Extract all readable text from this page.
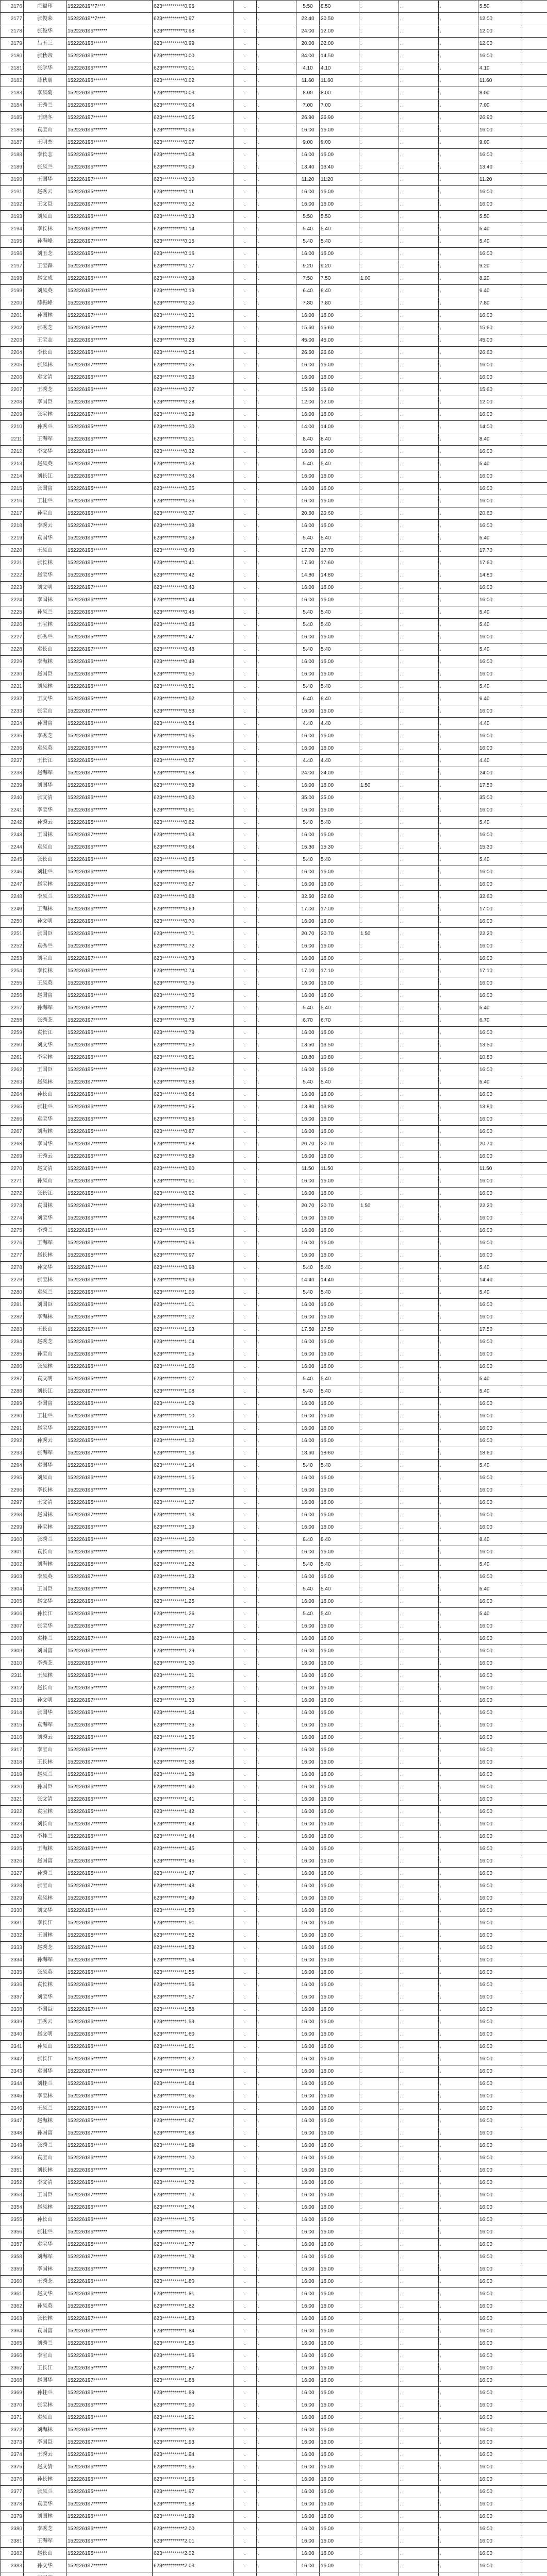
2176	庄福印	15222619**7****	623***********0.96	.	.	5.50	8.50	.	.	.	5.50		
2177	张俊荣	15222619**7****	623***********0.97	.	.	22.40	20.50	.	.	.	12.00		
2178	张俊华	152226196*******	623***********0.98	.	.	24.00	12.00	.	.	.	12.00		
2179	吕玉三	152226196*******	623***********0.99	.	.	20.00	22.00	.	.	.	12.00		
2180	张秋帝	152226196*******	623***********0.00	.	.	34.00	14.50	.	.	.	16.00		
2181	张学华	152226196*******	623***********0.01	.	.	4.10	4.10	.	.	.	4.10		
2182	薛秋朋	152226196*******	623***********0.02	.	.	11.60	11.60	.	.	.	11.60		
2183	李凤菊	152226196*******	623***********0.03	.	.	8.00	8.00	.	.	.	8.00		
2184	王秀兰	152226196*******	623***********0.04	.	.	7.00	7.00	.	.	.	7.00		
2185	王晓冬	152226197*******	623***********0.05	.	.	26.90	26.90	.	.	.	26.90		
2186	袁宝山	152226196*******	623***********0.06	.	.	16.00	16.00	.	.	.	16.00		
2187	王明杰	152226196*******	623***********0.07	.	.	9.00	9.00	.	.	.	9.00		
2188	李长志	152226195*******	623***********0.08	.	.	16.00	16.00	.	.	.	16.00		
2189	张凤兰	152226196*******	623***********0.09	.	.	13.40	13.40	.	.	.	13.40		
2190	王国华	152226197*******	623***********0.10	.	.	11.20	11.20	.	.	.	11.20		
2191	赵秀云	152226195*******	623***********0.11	.	.	16.00	16.00	.	.	.	16.00		
2192	王文臣	152226197*******	623***********0.12	.	.	16.00	16.00	.	.	.	16.00		
2193	刘凤山	152226196*******	623***********0.13	.	.	5.50	5.50	.	.	.	5.50		
2194	李长林	152226196*******	623***********0.14	.	.	5.40	5.40	.	.	.	5.40		
2195	孙海峰	152226197*******	623***********0.15	.	.	5.40	5.40	.	.	.	5.40		
2196	刘玉芝	152226195*******	623***********0.16	.	.	16.00	16.00	.	.	.	16.00		
2197	王宝森	152226196*******	623***********0.17	.	.	9.20	9.20	.	.	.	9.20		
2198	赵文成	152226196*******	623***********0.18	.	.	7.50	7.50	1.00	.	.	8.20		
2199	刘凤英	152226196*******	623***********0.19	.	.	6.40	6.40	.	.	.	6.40		
2200	薛振峰	152226196*******	623***********0.20	.	.	7.80	7.80	.	.	.	7.80		
2201	孙国林	152226197*******	623***********0.21	.	.	16.00	16.00	.	.	.	16.00		
2202	张秀芝	152226195*******	623***********0.22	.	.	15.60	15.60	.	.	.	15.60		
2203	王宝志	152226196*******	623***********0.23	.	.	45.00	45.00	.	.	.	45.00		
2204	李长山	152226196*******	623***********0.24	.	.	26.60	26.60	.	.	.	26.60		
2205	张凤林	152226197*******	623***********0.25	.	.	16.00	16.00	.	.	.	16.00		
2206	袁文清	152226196*******	623***********0.26	.	.	16.00	16.00	.	.	.	16.00		
2207	王秀芝	152226196*******	623***********0.27	.	.	15.60	15.60	.	.	.	15.60		
2208	李国臣	152226196*******	623***********0.28	.	.	12.00	12.00	.	.	.	12.00		
2209	张宝林	152226197*******	623***********0.29	.	.	16.00	16.00	.	.	.	16.00		
2210	孙秀兰	152226195*******	623***********0.30	.	.	14.00	14.00	.	.	.	14.00		
2211	王海军	152226196*******	623***********0.31	.	.	8.40	8.40	.	.	.	8.40		
2212	李文华	152226196*******	623***********0.32	.	.	16.00	16.00	.	.	.	16.00		
2213	赵凤英	152226197*******	623***********0.33	.	.	5.40	5.40	.	.	.	5.40		
2214	刘长江	152226196*******	623***********0.34	.	.	16.00	16.00	.	.	.	16.00		
2215	张国富	152226195*******	623***********0.35	.	.	16.00	16.00	.	.	.	16.00		
2216	王桂兰	152226196*******	623***********0.36	.	.	16.00	16.00	.	.	.	16.00		
2217	孙宝山	152226196*******	623***********0.37	.	.	20.60	20.60	.	.	.	20.60		
2218	李秀云	152226197*******	623***********0.38	.	.	16.00	16.00	.	.	.	16.00		
2219	袁国华	152226196*******	623***********0.39	.	.	5.40	5.40	.	.	.	5.40		
2220	王凤山	152226196*******	623***********0.40	.	.	17.70	17.70	.	.	.	17.70		
2221	张长林	152226196*******	623***********0.41	.	.	17.60	17.60	.	.	.	17.60		
2222	赵宝华	152226195*******	623***********0.42	.	.	14.80	14.80	.	.	.	14.80		
2223	刘文明	152226197*******	623***********0.43	.	.	16.00	16.00	.	.	.	16.00		
2224	李国林	152226196*******	623***********0.44	.	.	16.00	16.00	.	.	.	16.00		
2225	孙凤兰	152226196*******	623***********0.45	.	.	5.40	5.40	.	.	.	5.40		
2226	王宝林	152226196*******	623***********0.46	.	.	5.40	5.40	.	.	.	5.40		
2227	张秀兰	152226195*******	623***********0.47	.	.	16.00	16.00	.	.	.	16.00		
2228	袁长山	152226197*******	623***********0.48	.	.	5.40	5.40	.	.	.	5.40		
2229	李海林	152226196*******	623***********0.49	.	.	16.00	16.00	.	.	.	16.00		
2230	赵国臣	152226196*******	623***********0.50	.	.	16.00	16.00	.	.	.	16.00		
2231	刘凤林	152226196*******	623***********0.51	.	.	5.40	5.40	.	.	.	5.40		
2232	王文华	152226195*******	623***********0.52	.	.	6.40	6.40	.	.	.	6.40		
2233	张宝山	152226197*******	623***********0.53	.	.	16.00	16.00	.	.	.	16.00		
2234	孙国富	152226196*******	623***********0.54	.	.	4.40	4.40	.	.	.	4.40		
2235	李秀芝	152226196*******	623***********0.55	.	.	16.00	16.00	.	.	.	16.00		
2236	袁凤英	152226196*******	623***********0.56	.	.	16.00	16.00	.	.	.	16.00		
2237	王长江	152226195*******	623***********0.57	.	.	4.40	4.40	.	.	.	4.40		
2238	赵海军	152226197*******	623***********0.58	.	.	24.00	24.00	.	.	.	24.00		
2239	刘国华	152226196*******	623***********0.59	.	.	16.00	16.00	1.50	.	.	17.50		
2240	张文清	152226196*******	623***********0.60	.	.	35.00	35.00	.	.	.	35.00		
2241	李宝华	152226196*******	623***********0.61	.	.	16.00	16.00	.	.	.	16.00		
2242	孙秀云	152226195*******	623***********0.62	.	.	5.40	5.40	.	.	.	5.40		
2243	王国林	152226197*******	623***********0.63	.	.	16.00	16.00	.	.	.	16.00		
2244	袁凤山	152226196*******	623***********0.64	.	.	15.30	15.30	.	.	.	15.30		
2245	张长山	152226196*******	623***********0.65	.	.	5.40	5.40	.	.	.	5.40		
2246	刘桂兰	152226196*******	623***********0.66	.	.	16.00	16.00	.	.	.	16.00		
2247	赵宝林	152226195*******	623***********0.67	.	.	16.00	16.00	.	.	.	16.00		
2248	李凤兰	152226197*******	623***********0.68	.	.	32.60	32.60	.	.	.	32.60		
2249	王海林	152226196*******	623***********0.69	.	.	17.00	17.00	.	.	.	17.00		
2250	孙文明	152226196*******	623***********0.70	.	.	16.00	16.00	.	.	.	16.00		
2251	张国臣	152226196*******	623***********0.71	.	.	20.70	20.70	1.50	.	.	22.20		
2252	袁秀兰	152226195*******	623***********0.72	.	.	16.00	16.00	.	.	.	16.00		
2253	刘宝山	152226197*******	623***********0.73	.	.	16.00	16.00	.	.	.	16.00		
2254	李长林	152226196*******	623***********0.74	.	.	17.10	17.10	.	.	.	17.10		
2255	王凤英	152226196*******	623***********0.75	.	.	16.00	16.00	.	.	.	16.00		
2256	赵国富	152226196*******	623***********0.76	.	.	16.00	16.00	.	.	.	16.00		
2257	孙海军	152226195*******	623***********0.77	.	.	5.40	5.40	.	.	.	5.40		
2258	张秀芝	152226197*******	623***********0.78	.	.	6.70	6.70	.	.	.	6.70		
2259	袁长江	152226196*******	623***********0.79	.	.	16.00	16.00	.	.	.	16.00		
2260	刘文华	152226196*******	623***********0.80	.	.	13.50	13.50	.	.	.	13.50		
2261	李宝林	152226196*******	623***********0.81	.	.	10.80	10.80	.	.	.	10.80		
2262	王国臣	152226195*******	623***********0.82	.	.	16.00	16.00	.	.	.	16.00		
2263	赵凤林	152226197*******	623***********0.83	.	.	5.40	5.40	.	.	.	5.40		
2264	孙长山	152226196*******	623***********0.84	.	.	16.00	16.00	.	.	.	16.00		
2265	张桂兰	152226196*******	623***********0.85	.	.	13.80	13.80	.	.	.	13.80		
2266	袁宝华	152226196*******	623***********0.86	.	.	16.00	16.00	.	.	.	16.00		
2267	刘海林	152226195*******	623***********0.87	.	.	16.00	16.00	.	.	.	16.00		
2268	李国华	152226197*******	623***********0.88	.	.	20.70	20.70	.	.	.	20.70		
2269	王秀云	152226196*******	623***********0.89	.	.	16.00	16.00	.	.	.	16.00		
2270	赵文清	152226196*******	623***********0.90	.	.	11.50	11.50	.	.	.	11.50		
2271	孙凤山	152226196*******	623***********0.91	.	.	16.00	16.00	.	.	.	16.00		
2272	张长江	152226195*******	623***********0.92	.	.	16.00	16.00	.	.	.	16.00		
2273	袁国林	152226197*******	623***********0.93	.	.	20.70	20.70	1.50	.	.	22.20		
2274	刘宝华	152226196*******	623***********0.94	.	.	16.00	16.00	.	.	.	16.00		
2275	李秀兰	152226196*******	623***********0.95	.	.	16.00	16.00	.	.	.	16.00		
2276	王海军	152226196*******	623***********0.96	.	.	16.00	16.00	.	.	.	16.00		
2277	赵长林	152226195*******	623***********0.97	.	.	16.00	16.00	.	.	.	16.00		
2278	孙文华	152226197*******	623***********0.98	.	.	5.40	5.40	.	.	.	5.40		
2279	张宝林	152226196*******	623***********0.99	.	.	14.40	14.40	.	.	.	14.40		
2280	袁凤兰	152226196*******	623***********1.00	.	.	5.40	5.40	.	.	.	5.40		
2281	刘国臣	152226196*******	623***********1.01	.	.	16.00	16.00	.	.	.	16.00		
2282	李海林	152226195*******	623***********1.02	.	.	16.00	16.00	.	.	.	16.00		
2283	王长山	152226197*******	623***********1.03	.	.	17.50	17.50	.	.	.	17.50		
2284	赵秀芝	152226196*******	623***********1.04	.	.	16.00	16.00	.	.	.	16.00		
2285	孙宝山	152226196*******	623***********1.05	.	.	16.00	16.00	.	.	.	16.00		
2286	张凤林	152226196*******	623***********1.06	.	.	16.00	16.00	.	.	.	16.00		
2287	袁文明	152226195*******	623***********1.07	.	.	5.40	5.40	.	.	.	5.40		
2288	刘长江	152226197*******	623***********1.08	.	.	5.40	5.40	.	.	.	5.40		
2289	李国富	152226196*******	623***********1.09	.	.	16.00	16.00	.	.	.	16.00		
2290	王桂兰	152226196*******	623***********1.10	.	.	16.00	16.00	.	.	.	16.00		
2291	赵宝华	152226196*******	623***********1.11	.	.	16.00	16.00	.	.	.	16.00		
2292	孙秀云	152226195*******	623***********1.12	.	.	16.00	16.00	.	.	.	16.00		
2293	张海军	152226197*******	623***********1.13	.	.	18.60	18.60	.	.	.	18.60		
2294	袁国华	152226196*******	623***********1.14	.	.	5.40	5.40	.	.	.	5.40		
2295	刘凤山	152226196*******	623***********1.15	.	.	16.00	16.00	.	.	.	16.00		
2296	李长林	152226196*******	623***********1.16	.	.	16.00	16.00	.	.	.	16.00		
2297	王文清	152226195*******	623***********1.17	.	.	16.00	16.00	.	.	.	16.00		
2298	赵国林	152226197*******	623***********1.18	.	.	16.00	16.00	.	.	.	16.00		
2299	孙宝林	152226196*******	623***********1.19	.	.	16.00	16.00	.	.	.	16.00		
2300	张秀兰	152226196*******	623***********1.20	.	.	8.40	8.40	.	.	.	8.40		
2301	袁长山	152226196*******	623***********1.21	.	.	16.00	16.00	.	.	.	16.00		
2302	刘海林	152226195*******	623***********1.22	.	.	5.40	5.40	.	.	.	5.40		
2303	李凤英	152226197*******	623***********1.23	.	.	16.00	16.00	.	.	.	16.00		
2304	王国臣	152226196*******	623***********1.24	.	.	5.40	5.40	.	.	.	5.40		
2305	赵文华	152226196*******	623***********1.25	.	.	16.00	16.00	.	.	.	16.00		
2306	孙长江	152226196*******	623***********1.26	.	.	5.40	5.40	.	.	.	5.40		
2307	张宝华	152226195*******	623***********1.27	.	.	16.00	16.00	.	.	.	16.00		
2308	袁桂兰	152226197*******	623***********1.28	.	.	16.00	16.00	.	.	.	16.00		
2309	刘国富	152226196*******	623***********1.29	.	.	16.00	16.00	.	.	.	16.00		
2310	李秀芝	152226196*******	623***********1.30	.	.	16.00	16.00	.	.	.	16.00		
2311	王凤林	152226196*******	623***********1.31	.	.	16.00	16.00	.	.	.	16.00		
2312	赵长山	152226195*******	623***********1.32	.	.	16.00	16.00	.	.	.	16.00		
2313	孙文明	152226197*******	623***********1.33	.	.	16.00	16.00	.	.	.	16.00		
2314	张国华	152226196*******	623***********1.34	.	.	16.00	16.00	.	.	.	16.00		
2315	袁海军	152226196*******	623***********1.35	.	.	16.00	16.00	.	.	.	16.00		
2316	刘秀云	152226196*******	623***********1.36	.	.	16.00	16.00	.	.	.	16.00		
2317	李宝山	152226195*******	623***********1.37	.	.	16.00	16.00	.	.	.	16.00		
2318	王长林	152226197*******	623***********1.38	.	.	16.00	16.00	.	.	.	16.00		
2319	赵凤兰	152226196*******	623***********1.39	.	.	16.00	16.00	.	.	.	16.00		
2320	孙国臣	152226196*******	623***********1.40	.	.	16.00	16.00	.	.	.	16.00		
2321	张文清	152226196*******	623***********1.41	.	.	16.00	16.00	.	.	.	16.00		
2322	袁宝林	152226195*******	623***********1.42	.	.	16.00	16.00	.	.	.	16.00		
2323	刘长山	152226197*******	623***********1.43	.	.	16.00	16.00	.	.	.	16.00		
2324	李桂兰	152226196*******	623***********1.44	.	.	16.00	16.00	.	.	.	16.00		
2325	王海林	152226196*******	623***********1.45	.	.	16.00	16.00	.	.	.	16.00		
2326	赵国富	152226196*******	623***********1.46	.	.	16.00	16.00	.	.	.	16.00		
2327	孙秀兰	152226195*******	623***********1.47	.	.	16.00	16.00	.	.	.	16.00		
2328	张宝山	152226197*******	623***********1.48	.	.	16.00	16.00	.	.	.	16.00		
2329	袁凤林	152226196*******	623***********1.49	.	.	16.00	16.00	.	.	.	16.00		
2330	刘文华	152226196*******	623***********1.50	.	.	16.00	16.00	.	.	.	16.00		
2331	李长江	152226196*******	623***********1.51	.	.	16.00	16.00	.	.	.	16.00		
2332	王国林	152226195*******	623***********1.52	.	.	16.00	16.00	.	.	.	16.00		
2333	赵秀芝	152226197*******	623***********1.53	.	.	16.00	16.00	.	.	.	16.00		
2334	孙海军	152226196*******	623***********1.54	.	.	16.00	16.00	.	.	.	16.00		
2335	张凤英	152226196*******	623***********1.55	.	.	16.00	16.00	.	.	.	16.00		
2336	袁长林	152226196*******	623***********1.56	.	.	16.00	16.00	.	.	.	16.00		
2337	刘宝华	152226195*******	623***********1.57	.	.	16.00	16.00	.	.	.	16.00		
2338	李国臣	152226197*******	623***********1.58	.	.	16.00	16.00	.	.	.	16.00		
2339	王秀云	152226196*******	623***********1.59	.	.	16.00	16.00	.	.	.	16.00		
2340	赵文明	152226196*******	623***********1.60	.	.	16.00	16.00	.	.	.	16.00		
2341	孙凤山	152226196*******	623***********1.61	.	.	16.00	16.00	.	.	.	16.00		
2342	张长江	152226195*******	623***********1.62	.	.	16.00	16.00	.	.	.	16.00		
2343	袁国华	152226197*******	623***********1.63	.	.	16.00	16.00	.	.	.	16.00		
2344	刘桂兰	152226196*******	623***********1.64	.	.	16.00	16.00	.	.	.	16.00		
2345	李宝林	152226196*******	623***********1.65	.	.	16.00	16.00	.	.	.	16.00		
2346	王凤兰	152226196*******	623***********1.66	.	.	16.00	16.00	.	.	.	16.00		
2347	赵海林	152226195*******	623***********1.67	.	.	16.00	16.00	.	.	.	16.00		
2348	孙国富	152226197*******	623***********1.68	.	.	16.00	16.00	.	.	.	16.00		
2349	张秀兰	152226196*******	623***********1.69	.	.	16.00	16.00	.	.	.	16.00		
2350	袁宝山	152226196*******	623***********1.70	.	.	16.00	16.00	.	.	.	16.00		
2351	刘长林	152226196*******	623***********1.71	.	.	16.00	16.00	.	.	.	16.00		
2352	李文清	152226195*******	623***********1.72	.	.	16.00	16.00	.	.	.	16.00		
2353	王国臣	152226197*******	623***********1.73	.	.	16.00	16.00	.	.	.	16.00		
2354	赵凤林	152226196*******	623***********1.74	.	.	16.00	16.00	.	.	.	16.00		
2355	孙长山	152226196*******	623***********1.75	.	.	16.00	16.00	.	.	.	16.00		
2356	张桂兰	152226196*******	623***********1.76	.	.	16.00	16.00	.	.	.	16.00		
2357	袁宝华	152226195*******	623***********1.77	.	.	16.00	16.00	.	.	.	16.00		
2358	刘海军	152226197*******	623***********1.78	.	.	16.00	16.00	.	.	.	16.00		
2359	李国林	152226196*******	623***********1.79	.	.	16.00	16.00	.	.	.	16.00		
2360	王秀芝	152226196*******	623***********1.80	.	.	16.00	16.00	.	.	.	16.00		
2361	赵文华	152226196*******	623***********1.81	.	.	16.00	16.00	.	.	.	16.00		
2362	孙凤英	152226195*******	623***********1.82	.	.	16.00	16.00	.	.	.	16.00		
2363	张长林	152226197*******	623***********1.83	.	.	16.00	16.00	.	.	.	16.00		
2364	袁国富	152226196*******	623***********1.84	.	.	16.00	16.00	.	.	.	16.00		
2365	刘秀兰	152226196*******	623***********1.85	.	.	16.00	16.00	.	.	.	16.00		
2366	李宝山	152226196*******	623***********1.86	.	.	16.00	16.00	.	.	.	16.00		
2367	王长江	152226195*******	623***********1.87	.	.	16.00	16.00	.	.	.	16.00		
2368	赵国华	152226197*******	623***********1.88	.	.	16.00	16.00	.	.	.	16.00		
2369	孙桂兰	152226196*******	623***********1.89	.	.	16.00	16.00	.	.	.	16.00		
2370	张宝林	152226196*******	623***********1.90	.	.	16.00	16.00	.	.	.	16.00		
2371	袁凤山	152226196*******	623***********1.91	.	.	16.00	16.00	.	.	.	16.00		
2372	刘海林	152226195*******	623***********1.92	.	.	16.00	16.00	.	.	.	16.00		
2373	李国臣	152226197*******	623***********1.93	.	.	16.00	16.00	.	.	.	16.00		
2374	王秀云	152226196*******	623***********1.94	.	.	16.00	16.00	.	.	.	16.00		
2375	赵文清	152226196*******	623***********1.95	.	.	16.00	16.00	.	.	.	16.00		
2376	孙长林	152226196*******	623***********1.96	.	.	16.00	16.00	.	.	.	16.00		
2377	张凤兰	152226195*******	623***********1.97	.	.	16.00	16.00	.	.	.	16.00		
2378	袁宝华	152226197*******	623***********1.98	.	.	16.00	16.00	.	.	.	16.00		
2379	刘国林	152226196*******	623***********1.99	.	.	16.00	16.00	.	.	.	16.00		
2380	李秀芝	152226196*******	623***********2.00	.	.	16.00	16.00	.	.	.	16.00		
2381	王海军	152226196*******	623***********2.01	.	.	16.00	16.00	.	.	.	16.00		
2382	赵长山	152226195*******	623***********2.02	.	.	16.00	16.00	.	.	.	16.00		
2383	孙文华	152226197*******	623***********2.03	.	.	16.00	16.00	.	.	.	16.00		
